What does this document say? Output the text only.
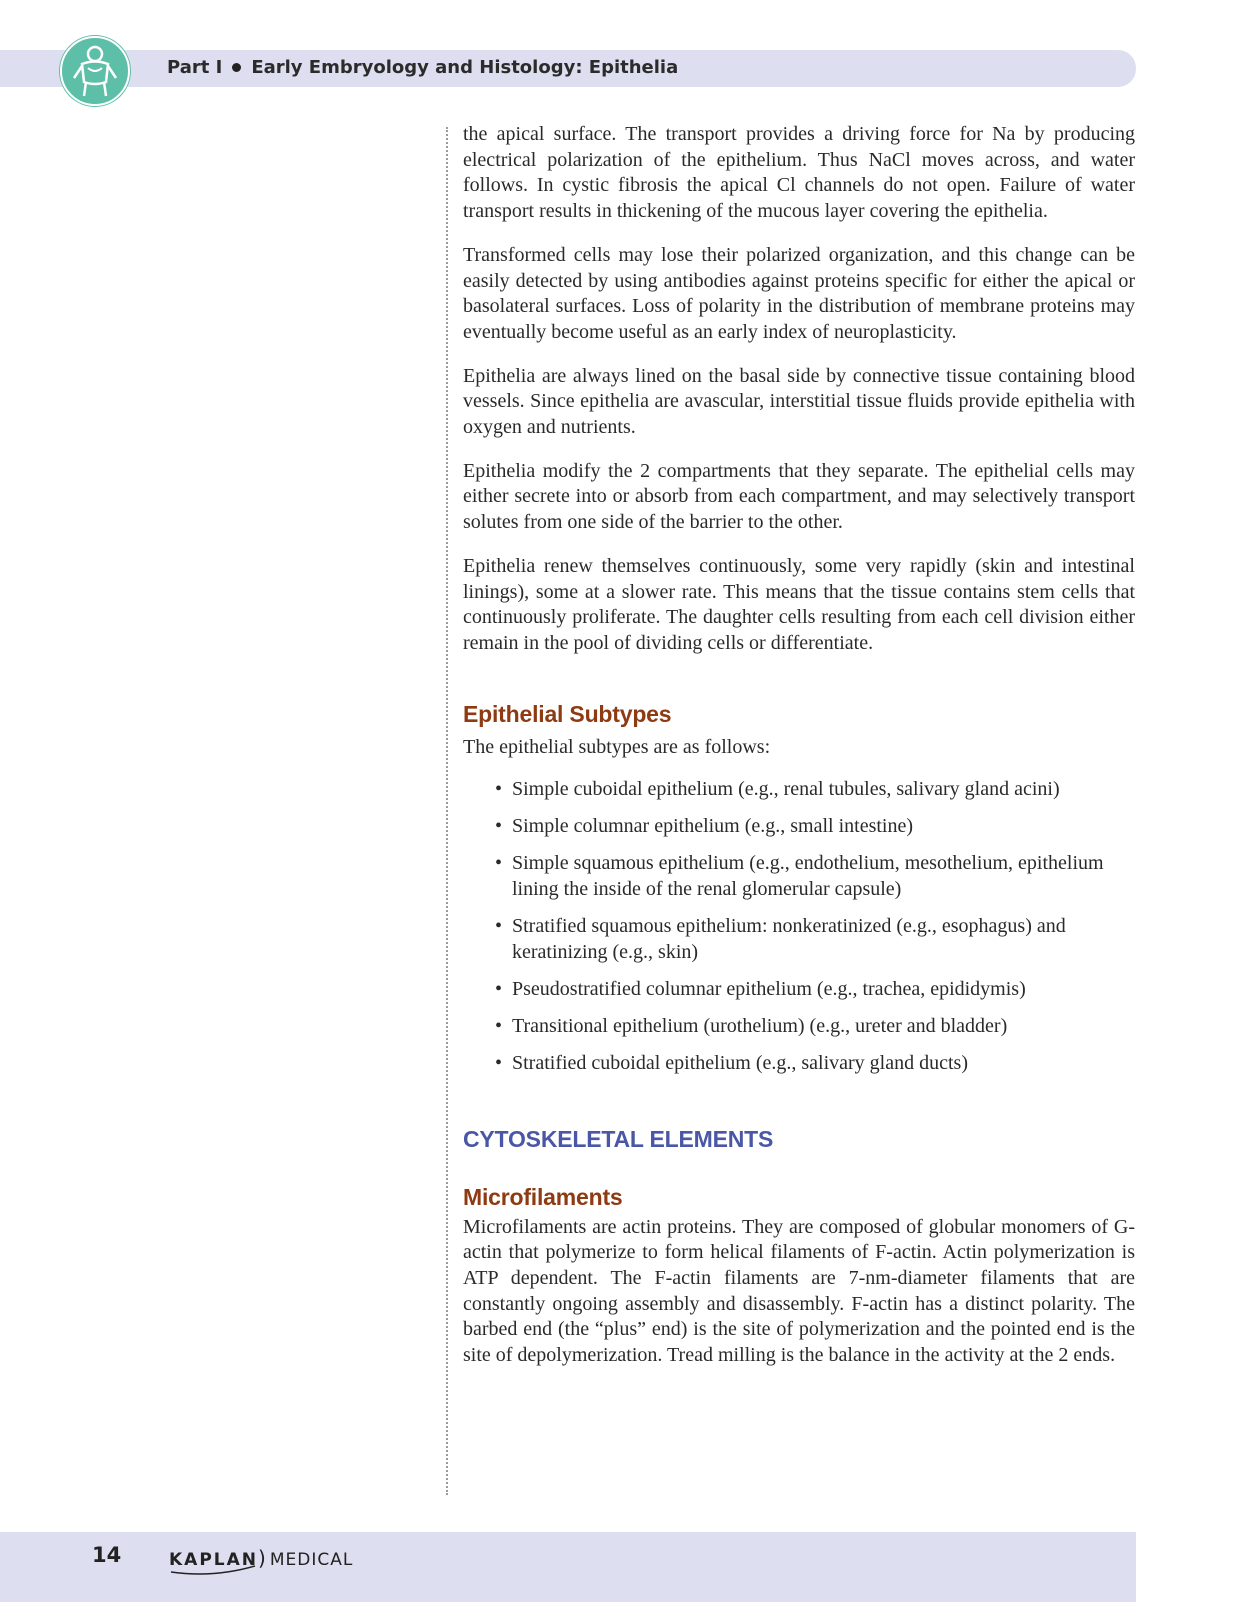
Part I Early Embryology and Histology: Epithelia

the apical surface. The transport provides a driving force for Na by producing electrical polarization of the epithelium. Thus NaCl moves across, and water follows. In cystic fibrosis the apical Cl channels do not open. Failure of water transport results in thickening of the mucous layer covering the epithelia.

Transformed cells may lose their polarized organization, and this change can be easily detected by using antibodies against proteins specific for either the apical or basolateral surfaces. Loss of polarity in the distribution of membrane proteins may eventually become useful as an early index of neuroplasticity.

Epithelia are always lined on the basal side by connective tissue containing blood vessels. Since epithelia are avascular, interstitial tissue fluids provide epithelia with oxygen and nutrients.

Epithelia modify the 2 compartments that they separate. The epithelial cells may either secrete into or absorb from each compartment, and may selectively transport solutes from one side of the barrier to the other.

Epithelia renew themselves continuously, some very rapidly (skin and intestinal linings), some at a slower rate. This means that the tissue contains stem cells that continuously proliferate. The daughter cells resulting from each cell division either remain in the pool of dividing cells or differentiate.

Epithelial Subtypes

The epithelial subtypes are as follows:

• Simple cuboidal epithelium (e.g., renal tubules, salivary gland acini)
• Simple columnar epithelium (e.g., small intestine)
• Simple squamous epithelium (e.g., endothelium, mesothelium, epithelium lining the inside of the renal glomerular capsule)
• Stratified squamous epithelium: nonkeratinized (e.g., esophagus) and keratinizing (e.g., skin)
• Pseudostratified columnar epithelium (e.g., trachea, epididymis)
• Transitional epithelium (urothelium) (e.g., ureter and bladder)
• Stratified cuboidal epithelium (e.g., salivary gland ducts)
CYTOSKELETAL ELEMENTS
Microfilaments

Microfilaments are actin proteins. They are composed of globular monomers of G-actin that polymerize to form helical filaments of F-actin. Actin polymerization is ATP dependent. The F-actin filaments are 7-nm-diameter filaments that are constantly ongoing assembly and disassembly. F-actin has a distinct polarity. The barbed end (the “plus” end) is the site of polymerization and the pointed end is the site of depolymerization. Tread milling is the balance in the activity at the 2 ends.

14	KAPLAN) MEDICAL
